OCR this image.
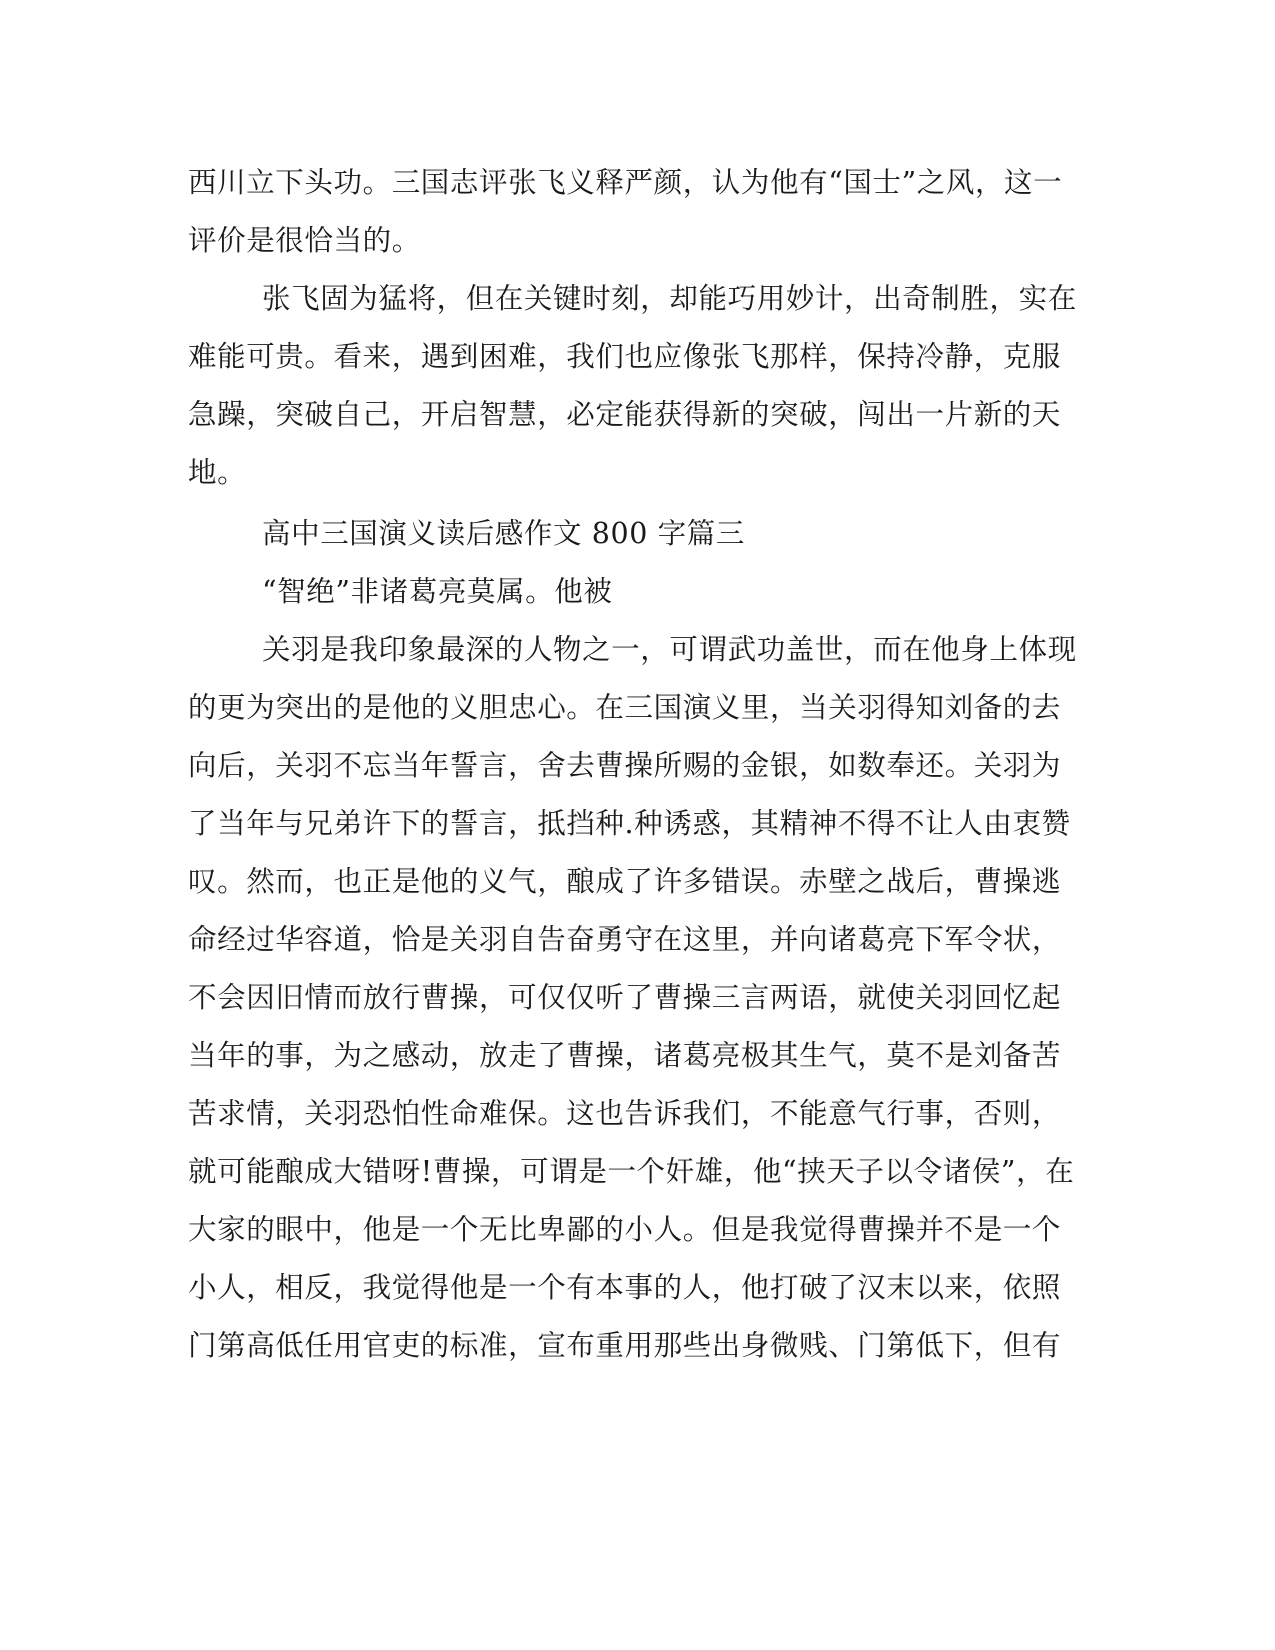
西川立下头功。三国志评张飞义释严颜，认为他有“国士”之风，这一
评价是很恰当的。
张飞固为猛将，但在关键时刻，却能巧用妙计，出奇制胜，实在
难能可贵。看来，遇到困难，我们也应像张飞那样，保持冷静，克服
急躁，突破自己，开启智慧，必定能获得新的突破，闯出一片新的天
地。
高中三国演义读后感作文 800 字篇三
“智绝”非诸葛亮莫属。他被
关羽是我印象最深的人物之一，可谓武功盖世，而在他身上体现
的更为突出的是他的义胆忠心。在三国演义里，当关羽得知刘备的去
向后，关羽不忘当年誓言，舍去曹操所赐的金银，如数奉还。关羽为
了当年与兄弟许下的誓言，抵挡种.种诱惑，其精神不得不让人由衷赞
叹。然而，也正是他的义气，酿成了许多错误。赤壁之战后，曹操逃
命经过华容道，恰是关羽自告奋勇守在这里，并向诸葛亮下军令状，
不会因旧情而放行曹操，可仅仅听了曹操三言两语，就使关羽回忆起
当年的事，为之感动，放走了曹操，诸葛亮极其生气，莫不是刘备苦
苦求情，关羽恐怕性命难保。这也告诉我们，不能意气行事，否则，
就可能酿成大错呀!曹操，可谓是一个奸雄，他“挟天子以令诸侯”，在
大家的眼中，他是一个无比卑鄙的小人。但是我觉得曹操并不是一个
小人，相反，我觉得他是一个有本事的人，他打破了汉末以来，依照
门第高低任用官吏的标准，宣布重用那些出身微贱、门第低下，但有
